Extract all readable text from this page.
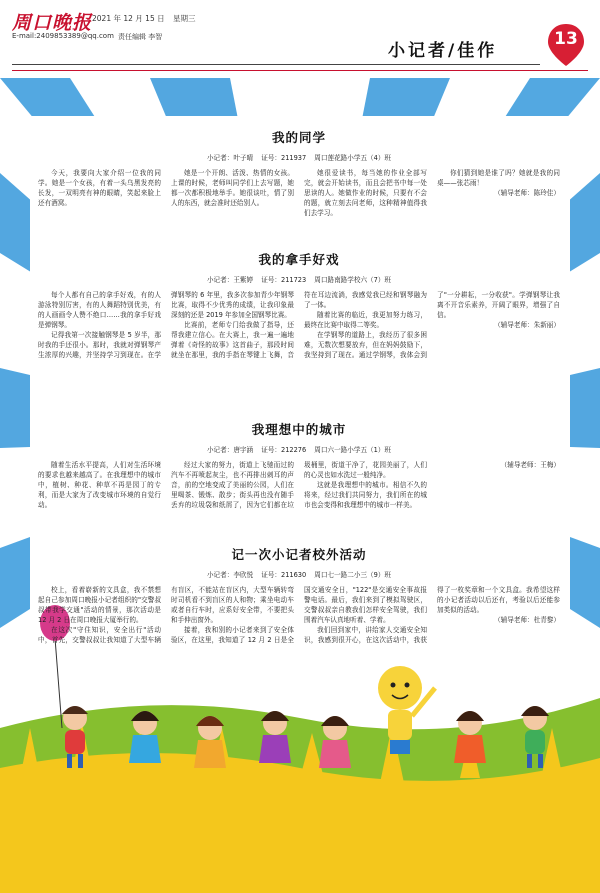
周口晚报 2021 年 12 月 15 日 星期三
E-mail:2409853389@qq.com 责任编辑 李智
小记者/佳作
13
我的同学
小记者：叶子晴 证号：211937 周口莲花路小学五（4）班

今天，我要向大家介绍一位我的同学。她是一个女孩，有着一头乌黑发亮的长发，一双明亮有神的眼睛，笑起来脸上还有酒窝。

她是一个开朗、活泼、热情的女孩。上课的时候，老师叫同学们上去写题，她都一次都积极地举手。她很谈吐，情了别人的东西，就会准时还给别人。

她很爱读书，每当她的作业全部写完，就会开始读书，而且会把书中每一处思读的人。她做作业的时候，只要有不会的题，就立刻去问老师，这种精神值得我们去学习。

你们猜到她是谁了吗？她就是我的同桌——张芯雨！

（辅导老师：陈玲佳）

我的拿手好戏
小记者：王紫婷 证号：211723 周口路南路学校六（7）班

每个人都有自己的拿手好戏，有的人游泳特别厉害，有的人舞蹈特别优美，有的人画画令人赞不绝口……我的拿手好戏是弹钢琴。

记得我第一次接触钢琴是 5 岁半，那时我的手还很小。那时，我就对弹钢琴产生浓厚的兴趣，并坚持学习到现在。在学弹钢琴的 6 年里，我多次参加青少年钢琴比赛，取得不少优秀的成绩，让我印象最深刻的还是 2019 年参加全国钢琴比赛。

比赛前，老师专门给我做了指导，还帮我建立信心。在大赛上，我一遍一遍地弹着《奇怪的故事》这首曲子，那段时间就坐在那里，我的手指在琴键上飞舞，音符在耳边流淌，我感觉我已经和钢琴融为了一体。

随着比赛的临近，我更加努力练习，最终在比赛中取得二等奖。

在学钢琴的道路上，我经历了很多困难，无数次想要放弃，但在妈妈鼓励下，我坚持到了现在。通过学钢琴，我体会到了"一分耕耘，一分收获"。学弹钢琴让我离不开音乐素养，开阔了眼界，增强了自信。

（辅导老师：朱新丽）

我理想中的城市
小记者：唐宇涵 证号：212276 周口六一路小学五（1）班

随着生活水平提高，人们对生活环境的要求也越来越高了。在我理想中的城市中，植树、种花、种草不再是园丁的专利，而是大家为了改变城市环境的自觉行动。

经过大家的努力，街道上飞驰而过的汽车不再喷起灰尘，也不再排出刺耳的声音，前的空地变成了美丽的公园，人们在里喝茶、锻炼、散步；街头再也没有随手丢弃的垃圾袋和纸屑了，因为它们都在垃圾桶里，街道干净了，花园美丽了，人们的心灵也如水洗过一般纯净。

这就是我理想中的城市。相信不久的将来，经过我们共同努力，我们所在的城市也会变得和我理想中的城市一样美。

（辅导老师：王梅）

记一次小记者校外活动
小记者：李欣悦 证号：211630 周口七一路二小三（9）班

校上，看着崭新的文具盒，我不禁想起自己参加周口晚报小记者组织的"交警叔叔带我学交通"活动的情景，那次活动是 12 月 2 日在周口晚报大厦举行的。

在这次"守住知识，安全出行"活动中，首先，交警叔叔让我知道了大型车辆有盲区，不能站在盲区内，大型车辆转弯时司机看不到盲区的人和物；乘坐电动车或者自行车时，应系好安全带，不要把头和手伸出窗外。

接着，我和别的小记者来到了安全体验区，在这里，我知道了 12 月 2 日是全国交通安全日，"122"是交通安全事故报警电话。最后，我们来到了模拟驾驶区，交警叔叔亲自教我们怎样安全驾驶，我们围着汽车认真地听着、学着。

我们回到家中，讲给家人交通安全知识，我感到很开心，在这次活动中，我获得了一枚奖章和一个文具盒。我希望这样的小记者活动以后还有，考验以后还能参加类似的活动。

（辅导老师：杜青黎）
